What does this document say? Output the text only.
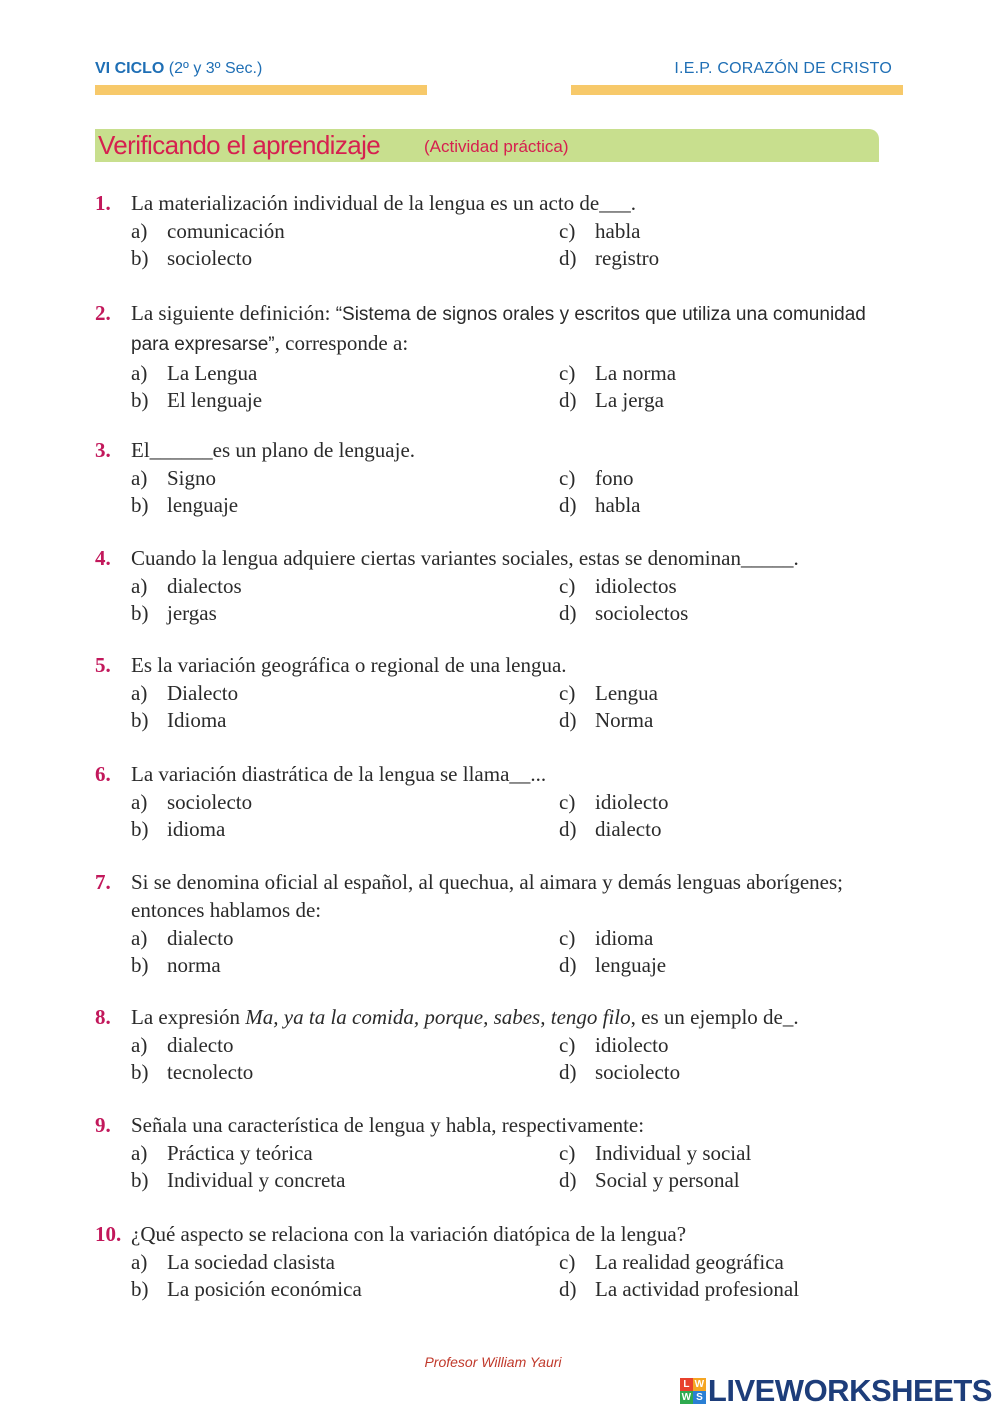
VI CICLO (2º y 3º Sec.)	I.E.P. CORAZÓN DE CRISTO
Verificando el aprendizaje	(Actividad práctica)
1. La materialización individual de la lengua es un acto de___.
a) comunicación
b) sociolecto
c) habla
d) registro
2. La siguiente definición: “Sistema de signos orales y escritos que utiliza una comunidad para expresarse”, corresponde a:
a) La Lengua
b) El lenguaje
c) La norma
d) La jerga
3. El______es un plano de lenguaje.
a) Signo
b) lenguaje
c) fono
d) habla
4. Cuando la lengua adquiere ciertas variantes sociales, estas se denominan_____.
a) dialectos
b) jergas
c) idiolectos
d) sociolectos
5. Es la variación geográfica o regional de una lengua.
a) Dialecto
b) Idioma
c) Lengua
d) Norma
6. La variación diastrática de la lengua se llama__...
a) sociolecto
b) idioma
c) idiolecto
d) dialecto
7. Si se denomina oficial al español, al quechua, al aimara y demás lenguas aborígenes; entonces hablamos de:
a) dialecto
b) norma
c) idioma
d) lenguaje
8. La expresión Ma, ya ta la comida, porque, sabes, tengo filo, es un ejemplo de_.
a) dialecto
b) tecnolecto
c) idiolecto
d) sociolecto
9. Señala una característica de lengua y habla, respectivamente:
a) Práctica y teórica
b) Individual y concreta
c) Individual y social
d) Social y personal
10. ¿Qué aspecto se relaciona con la variación diatópica de la lengua?
a) La sociedad clasista
b) La posición económica
c) La realidad geográfica
d) La actividad profesional
Profesor William Yauri
L W
W S LIVEWORKSHEETS
